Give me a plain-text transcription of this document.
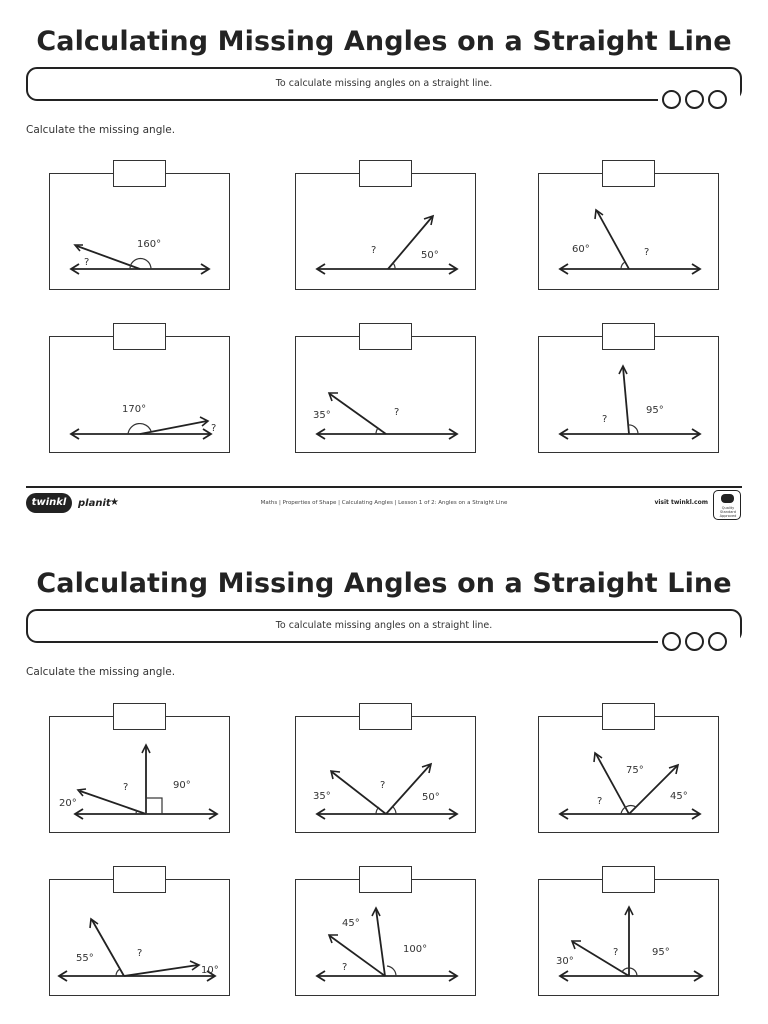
Calculating Missing Angles on a Straight Line
To calculate missing angles on a straight line.
Calculate the missing angle.
160°
?
?	50°
60°	?
170°
?
35°	?
?
95°
twinkl	planit ★	Maths | Properties of Shape | Calculating Angles | Lesson 1 of 2: Angles on a Straight Line	visit twinkl.com
Quality Standard Approved
Calculating Missing Angles on a Straight Line
To calculate missing angles on a straight line.
Calculate the missing angle.
?	90°
20°
?
35°	50°
75°
45°
?
55°	?
10°
45°
100°
?
?	95°
30°
